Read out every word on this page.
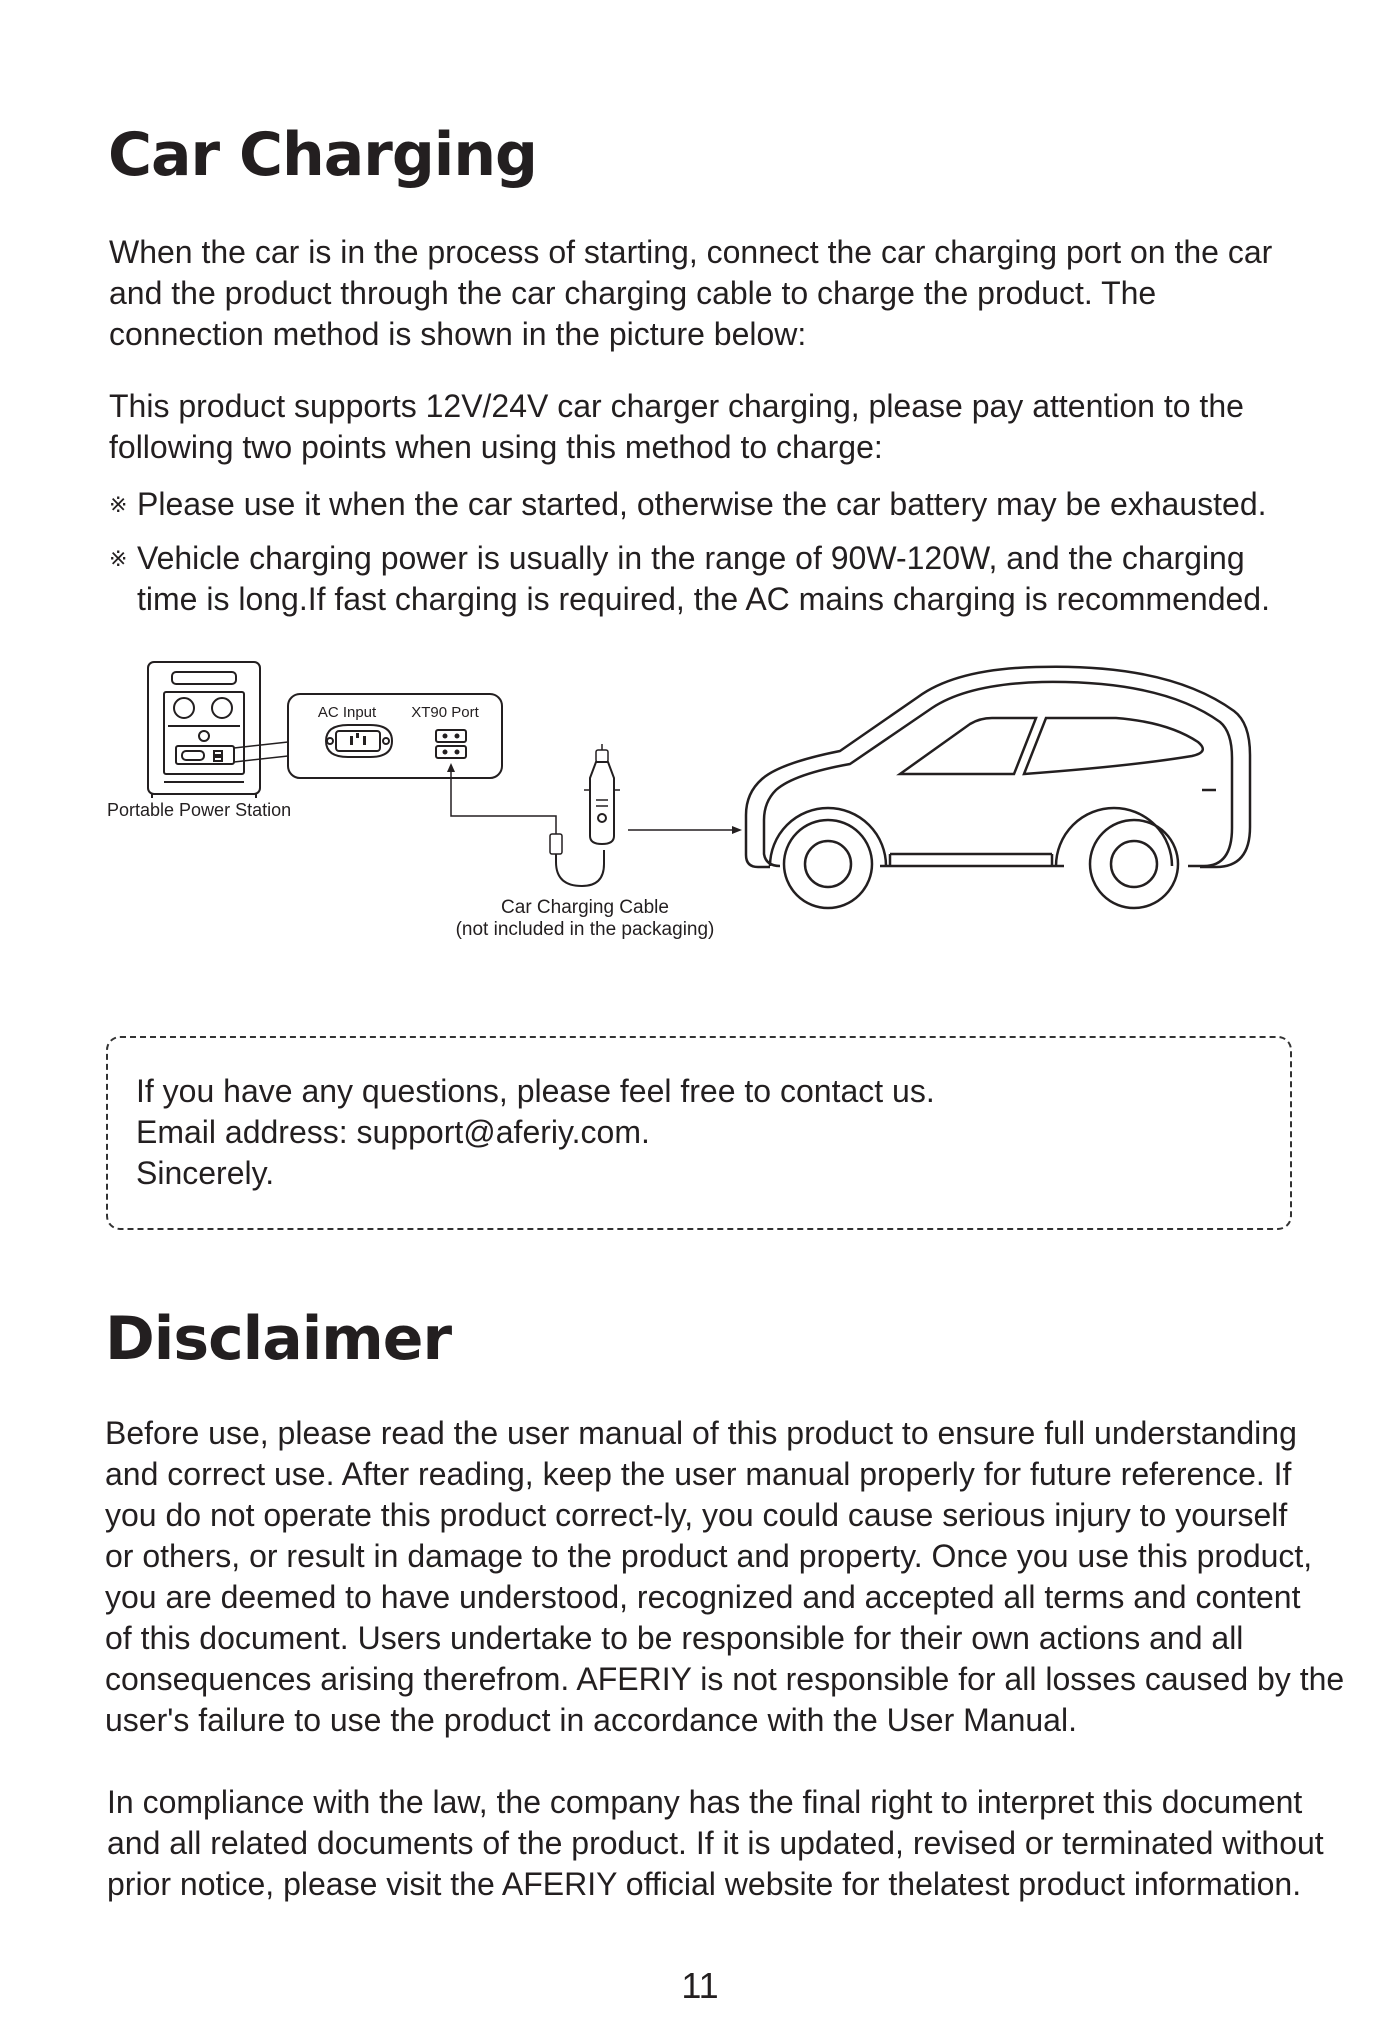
Car Charging
When the car is in the process of starting, connect the car charging port on the car
and the product through the car charging cable to charge the product. The
connection method is shown in the picture below:
This product supports 12V/24V car charger charging, please pay attention to the
following two points when using this method to charge:
※ Please use it when the car started, otherwise the car battery may be exhausted.
※ Vehicle charging power is usually in the range of 90W-120W, and the charging
time is long.If fast charging is required, the AC mains charging is recommended.
AC Input XT90 Port
Portable Power Station
Car Charging Cable
(not included in the packaging)
If you have any questions, please feel free to contact us.
Email address: support@aferiy.com.
Sincerely.
Disclaimer
Before use, please read the user manual of this product to ensure full understanding
and correct use. After reading, keep the user manual properly for future reference. If
you do not operate this product correct-ly, you could cause serious injury to yourself
or others, or result in damage to the product and property. Once you use this product,
you are deemed to have understood, recognized and accepted all terms and content
of this document. Users undertake to be responsible for their own actions and all
consequences arising therefrom. AFERIY is not responsible for all losses caused by the
user's failure to use the product in accordance with the User Manual.
In compliance with the law, the company has the final right to interpret this document
and all related documents of the product. If it is updated, revised or terminated without
prior notice, please visit the AFERIY official website for thelatest product information.
11
